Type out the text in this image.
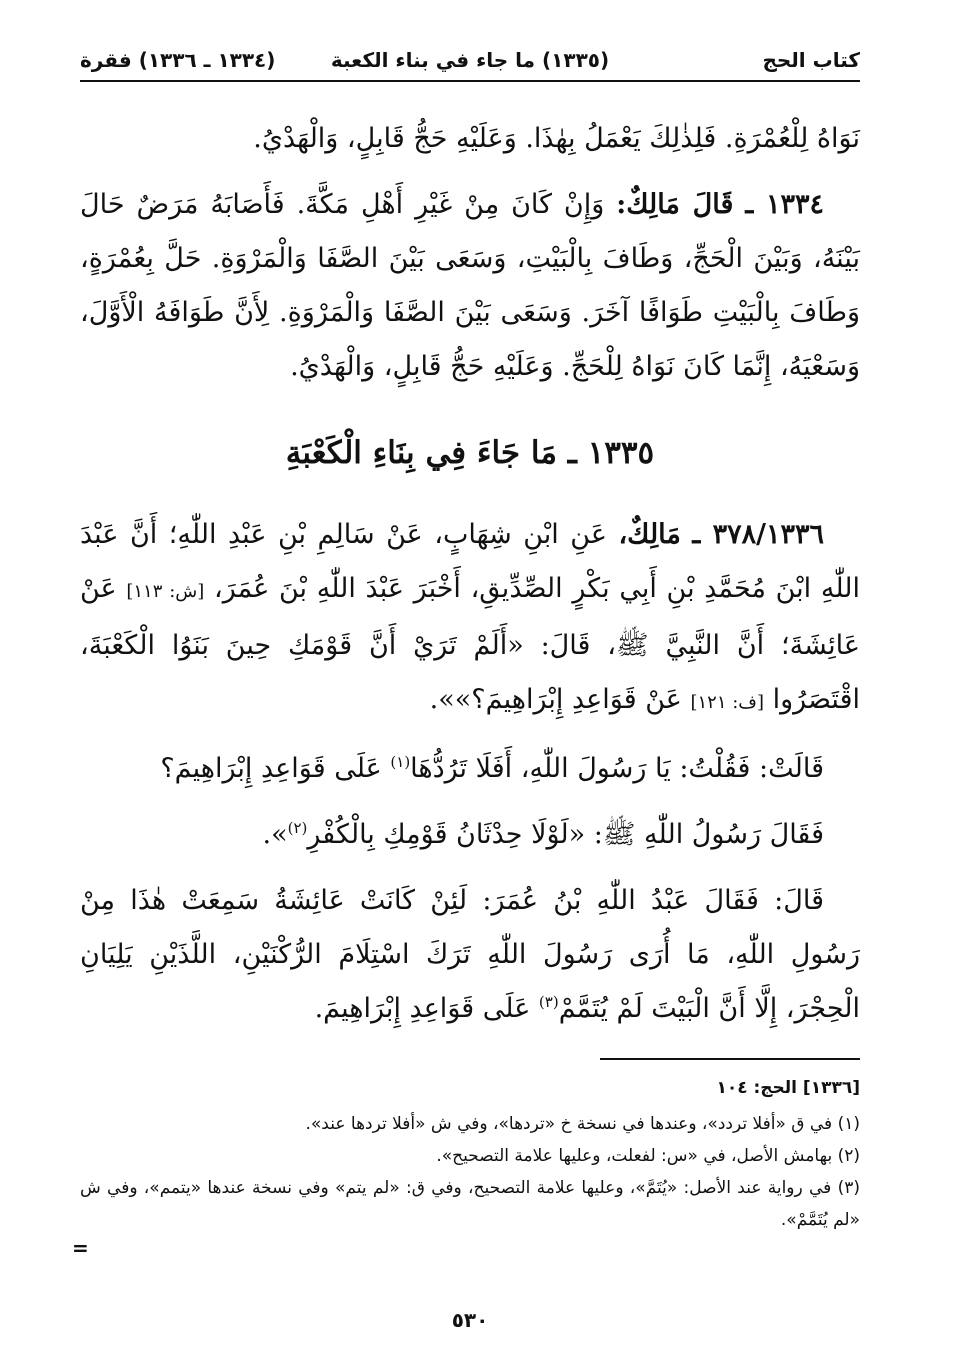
كتاب الحج
(١٣٣٥) ما جاء في بناء الكعبة
(١٣٣٤ ـ ١٣٣٦) فقرة

نَوَاهُ لِلْعُمْرَةِ. فَلِذٰلِكَ يَعْمَلُ بِهٰذَا. وَعَلَيْهِ حَجُّ قَابِلٍ، وَالْهَدْيُ.

١٣٣٤ ـ قَالَ مَالِكٌ: وَإِنْ كَانَ مِنْ غَيْرِ أَهْلِ مَكَّةَ. فَأَصَابَهُ مَرَضٌ حَالَ بَيْنَهُ، وَبَيْنَ الْحَجِّ، وَطَافَ بِالْبَيْتِ، وَسَعَى بَيْنَ الصَّفَا وَالْمَرْوَةِ. حَلَّ بِعُمْرَةٍ، وَطَافَ بِالْبَيْتِ طَوَافًا آخَرَ. وَسَعَى بَيْنَ الصَّفَا وَالْمَرْوَةِ. لِأَنَّ طَوَافَهُ الْأَوَّلَ، وَسَعْيَهُ، إِنَّمَا كَانَ نَوَاهُ لِلْحَجِّ. وَعَلَيْهِ حَجُّ قَابِلٍ، وَالْهَدْيُ.

١٣٣٥ ـ مَا جَاءَ فِي بِنَاءِ الْكَعْبَةِ

٣٧٨/١٣٣٦ ـ مَالِكٌ، عَنِ ابْنِ شِهَابٍ، عَنْ سَالِمِ بْنِ عَبْدِ اللّٰهِ؛ أَنَّ عَبْدَ اللّٰهِ ابْنَ مُحَمَّدِ بْنِ أَبِي بَكْرٍ الصِّدِّيقِ، أَخْبَرَ عَبْدَ اللّٰهِ بْنَ عُمَرَ، [ش: ١١٣] عَنْ عَائِشَةَ؛ أَنَّ النَّبِيَّ ﷺ، قَالَ: «أَلَمْ تَرَيْ أَنَّ قَوْمَكِ حِينَ بَنَوُا الْكَعْبَةَ، اقْتَصَرُوا [ف: ١٢١] عَنْ قَوَاعِدِ إِبْرَاهِيمَ؟»».

قَالَتْ: فَقُلْتُ: يَا رَسُولَ اللّٰهِ، أَفَلَا تَرُدُّهَا$^{(١)}$ عَلَى قَوَاعِدِ إِبْرَاهِيمَ؟

فَقَالَ رَسُولُ اللّٰهِ ﷺ: «لَوْلَا حِدْثَانُ قَوْمِكِ بِالْكُفْرِ$^{(٢)}$».

قَالَ: فَقَالَ عَبْدُ اللّٰهِ بْنُ عُمَرَ: لَئِنْ كَانَتْ عَائِشَةُ سَمِعَتْ هٰذَا مِنْ رَسُولِ اللّٰهِ، مَا أُرَى رَسُولَ اللّٰهِ تَرَكَ اسْتِلَامَ الرُّكْنَيْنِ، اللَّذَيْنِ يَلِيَانِ الْحِجْرَ، إِلَّا أَنَّ الْبَيْتَ لَمْ يُتَمَّمْ$^{(٣)}$ عَلَى قَوَاعِدِ إِبْرَاهِيمَ.

[١٣٣٦] الحج: ١٠٤

(١) في ق «أفلا تردد»، وعندها في نسخة خ «تردها»، وفي ش «أفلا تردها عند».

(٢) بهامش الأصل، في «س: لفعلت، وعليها علامة التصحيح».

(٣) في رواية عند الأصل: «يُتَمَّ»، وعليها علامة التصحيح، وفي ق: «لم يتم» وفي نسخة عندها «يتمم»، وفي ش «لم يُتَمَّمْ».

=
٥٣٠
